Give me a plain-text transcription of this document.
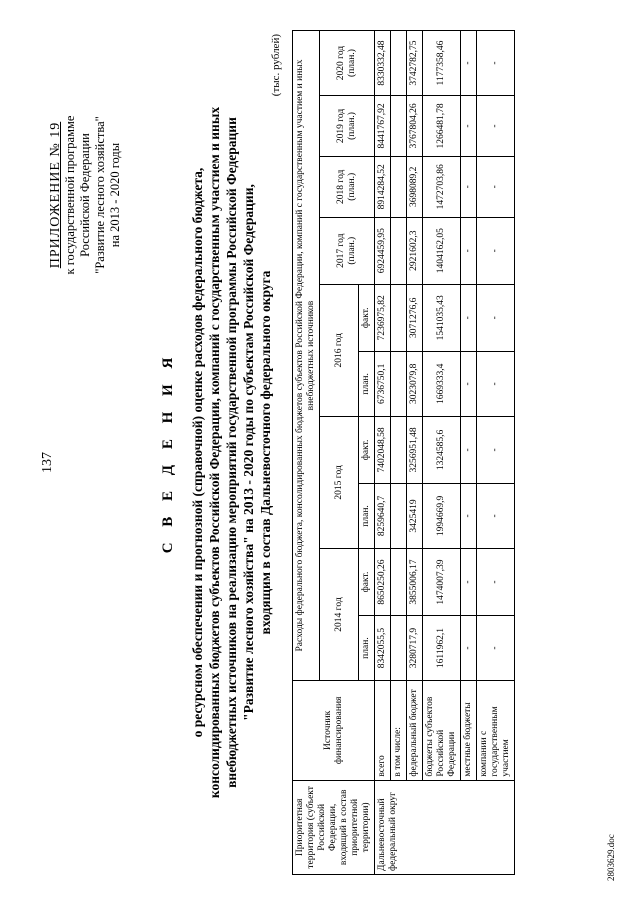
137
ПРИЛОЖЕНИЕ № 19 к государственной программе Российской Федерации "Развитие лесного хозяйства" на 2013 - 2020 годы
С В Е Д Е Н И Я о ресурсном обеспечении и прогнозной (справочной) оценке расходов федерального бюджета, консолидированных бюджетов субъектов Российской Федерации, компаний с государственным участием и иных внебюджетных источников на реализацию мероприятий государственной программы Российской Федерации "Развитие лесного хозяйства" на 2013 - 2020 годы по субъектам Российской Федерации, входящим в состав Дальневосточного федерального округа
(тыс. рублей)
Приоритетная территория (субъект Российской Федерации, входящий в состав приоритетной территории)	Источник финансирования	Расходы федерального бюджета, консолидированных бюджетов субъектов Российской Федерации, компаний с государственным участием и иных внебюджетных источников									
		2014 год		2015 год		2016 год		2017 год (план.)	2018 год (план.)	2019 год (план.)	2020 год (план.)
		план.	факт.	план.	факт.	план.	факт.				
Дальневосточный федеральный округ	всего	8342055,5	8650250,26	8259640,7	7402048,58	6736750,1	7236975,82	6924459,95	8914284,52	8441767,92	8330332,48
	в том числе:										
	федеральный бюджет	3280717,9	3855006,17	3425419	3256951,48	3023079,8	3071276,6	2921602,3	3698089,2	3767804,26	3742782,75
	бюджеты субъектов Российской Федерации	1611962,1	1474007,39	1994669,9	1324585,6	1669333,4	1541035,43	1404162,05	1472703,86	1266481,78	1177358,46
	местные бюджеты	-	-	-	-	-	-	-	-	-	-
	компании с государственным участием	-	-	-	-	-	-	-	-	-	-
2803629.doc
